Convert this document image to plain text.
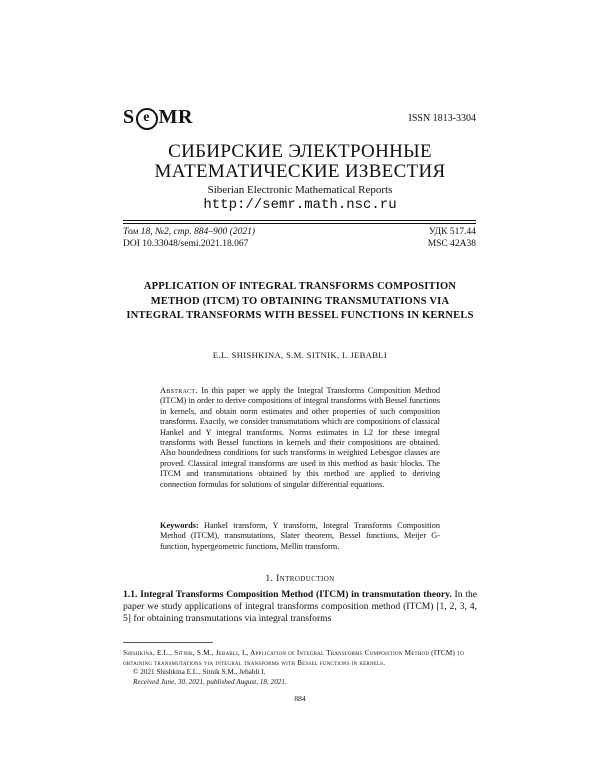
S e MR	ISSN 1813-3304
СИБИРСКИЕ ЭЛЕКТРОННЫЕ
МАТЕМАТИЧЕСКИЕ ИЗВЕСТИЯ
Siberian Electronic Mathematical Reports
http://semr.math.nsc.ru
Том 18, №2, стр. 884–900 (2021)
DOI 10.33048/semi.2021.18.067
УДК 517.44
MSC 42A38
APPLICATION OF INTEGRAL TRANSFORMS COMPOSITION METHOD (ITCM) TO OBTAINING TRANSMUTATIONS VIA INTEGRAL TRANSFORMS WITH BESSEL FUNCTIONS IN KERNELS
E.L. SHISHKINA, S.M. SITNIK, I. JEBABLI
Abstract. In this paper we apply the Integral Transforms Composition Method (ITCM) in order to derive compositions of integral transforms with Bessel functions in kernels, and obtain norm estimates and other properties of such composition transforms. Exactly, we consider transmutations which are compositions of classical Hankel and Y integral transforms. Norms estimates in L2 for these integral transforms with Bessel functions in kernels and their compositions are obtained. Also boundedness conditions for such transforms in weighted Lebesgue classes are proved. Classical integral transforms are used in this method as basic blocks. The ITCM and transmutations obtained by this method are applied to deriving connection formulas for solutions of singular differential equations.
Keywords: Hankel transform, Y transform, Integral Transforms Composition Method (ITCM), transmutations, Slater theorem, Bessel functions, Meijer G-function, hypergeometric functions, Mellin transform.
1. Introduction
1.1. Integral Transforms Composition Method (ITCM) in transmutation theory. In the paper we study applications of integral transforms composition method (ITCM) [1, 2, 3, 4, 5] for obtaining transmutations via integral transforms
Shishkina, E.L., Sitnik, S.M., Jebabli, I., Application of Integral Transforms Composition Method (ITCM) to obtaining transmutations via integral transforms with Bessel functions in kernels.
© 2021 Shishkina E.L., Sitnik S.M., Jebabli I.
Received June, 30, 2021, published August, 18, 2021.
884
